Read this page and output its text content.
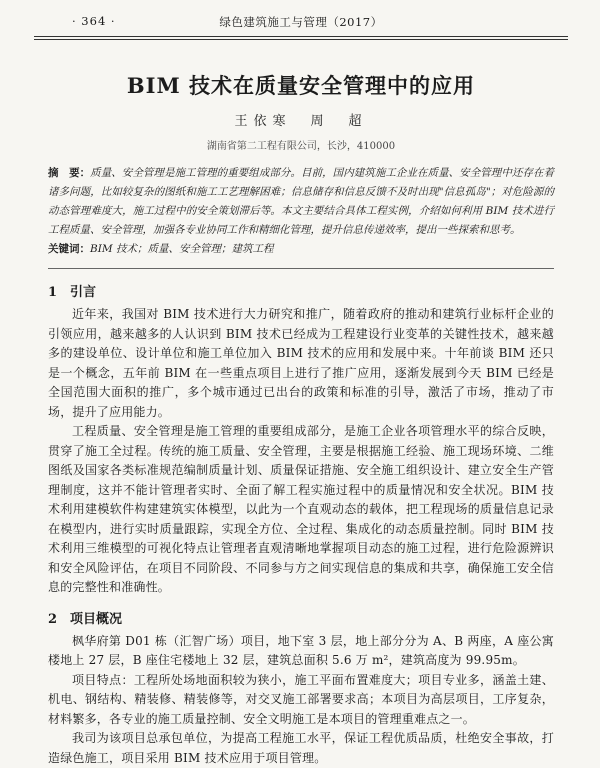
· 364 ·	绿色建筑施工与管理（2017）
BIM 技术在质量安全管理中的应用
王依寒　周　超
湖南省第二工程有限公司，长沙，410000
摘　要：质量、安全管理是施工管理的重要组成部分。目前，国内建筑施工企业在质量、安全管理中还存在着诸多问题，比如较复杂的图纸和施工工艺理解困难；信息储存和信息反馈不及时出现"信息孤岛"；对危险源的动态管理难度大，施工过程中的安全策划滞后等。本文主要结合具体工程实例，介绍如何利用 BIM 技术进行工程质量、安全管理，加强各专业协同工作和精细化管理，提升信息传递效率，提出一些探索和思考。
关键词：BIM 技术；质量、安全管理；建筑工程
1 引言

近年来，我国对 BIM 技术进行大力研究和推广，随着政府的推动和建筑行业标杆企业的引领应用，越来越多的人认识到 BIM 技术已经成为工程建设行业变革的关键性技术，越来越多的建设单位、设计单位和施工单位加入 BIM 技术的应用和发展中来。十年前谈 BIM 还只是一个概念，五年前 BIM 在一些重点项目上进行了推广应用，逐渐发展到今天 BIM 已经是全国范围大面积的推广，多个城市通过已出台的政策和标准的引导，激活了市场，推动了市场，提升了应用能力。

工程质量、安全管理是施工管理的重要组成部分，是施工企业各项管理水平的综合反映，贯穿了施工全过程。传统的施工质量、安全管理，主要是根据施工经验、施工现场环境、二维图纸及国家各类标准规范编制质量计划、质量保证措施、安全施工组织设计、建立安全生产管理制度，这并不能计管理者实时、全面了解工程实施过程中的质量情况和安全状况。BIM 技术利用建模软件构建建筑实体模型，以此为一个直观动态的载体，把工程现场的质量信息记录在模型内，进行实时质量跟踪，实现全方位、全过程、集成化的动态质量控制。同时 BIM 技术利用三维模型的可视化特点让管理者直观清晰地掌握项目动态的施工过程，进行危险源辨识和安全风险评估，在项目不同阶段、不同参与方之间实现信息的集成和共享，确保施工安全信息的完整性和准确性。

2 项目概况

枫华府第 D01 栋（汇智广场）项目，地下室 3 层，地上部分分为 A、B 两座，A 座公寓楼地上 27 层，B 座住宅楼地上 32 层，建筑总面积 5.6 万 m²，建筑高度为 99.95m。

项目特点：工程所处场地面积较为狭小，施工平面布置难度大；项目专业多，涵盖土建、机电、钢结构、精装修、精装修等，对交叉施工部署要求高；本项目为高层项目，工序复杂，材料繁多，各专业的施工质量控制、安全文明施工是本项目的管理重难点之一。

我司为该项目总承包单位，为提高工程施工水平，保证工程优质品质，杜绝安全事故，打造绿色施工，项目采用 BIM 技术应用于项目管理。
